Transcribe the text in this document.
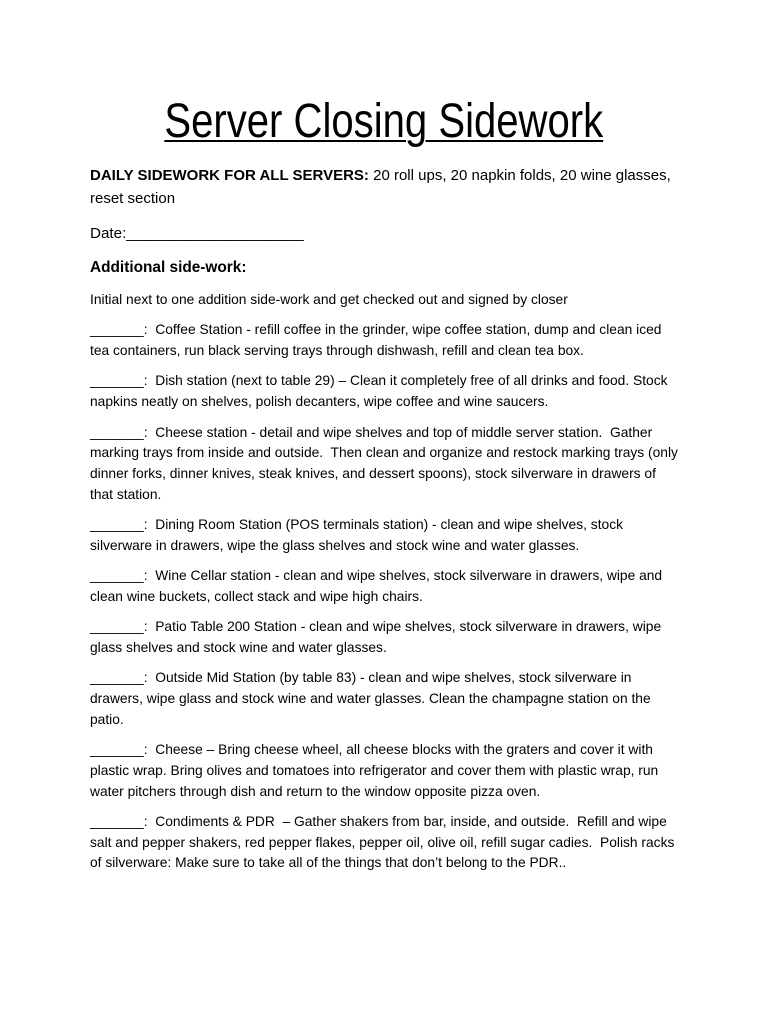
Server Closing Sidework

DAILY SIDEWORK FOR ALL SERVERS: 20 roll ups, 20 napkin folds, 20 wine glasses, reset section

Date:_____________________

Additional side-work:

Initial next to one addition side-work and get checked out and signed by closer

_______: Coffee Station - refill coffee in the grinder, wipe coffee station, dump and clean iced
tea containers, run black serving trays through dishwash, refill and clean tea box.

_______: Dish station (next to table 29) – Clean it completely free of all drinks and food. Stock
napkins neatly on shelves, polish decanters, wipe coffee and wine saucers.

_______: Cheese station - detail and wipe shelves and top of middle server station.  Gather
marking trays from inside and outside.  Then clean and organize and restock marking trays (only
dinner forks, dinner knives, steak knives, and dessert spoons), stock silverware in drawers of
that station.

_______: Dining Room Station (POS terminals station) - clean and wipe shelves, stock
silverware in drawers, wipe the glass shelves and stock wine and water glasses.

_______: Wine Cellar station - clean and wipe shelves, stock silverware in drawers, wipe and
clean wine buckets, collect stack and wipe high chairs.

_______: Patio Table 200 Station - clean and wipe shelves, stock silverware in drawers, wipe
glass shelves and stock wine and water glasses.

_______: Outside Mid Station (by table 83) - clean and wipe shelves, stock silverware in
drawers, wipe glass and stock wine and water glasses. Clean the champagne station on the
patio.

_______: Cheese – Bring cheese wheel, all cheese blocks with the graters and cover it with
plastic wrap. Bring olives and tomatoes into refrigerator and cover them with plastic wrap, run
water pitchers through dish and return to the window opposite pizza oven.

_______: Condiments & PDR  – Gather shakers from bar, inside, and outside.  Refill and wipe
salt and pepper shakers, red pepper flakes, pepper oil, olive oil, refill sugar cadies.  Polish racks
of silverware: Make sure to take all of the things that don’t belong to the PDR..
